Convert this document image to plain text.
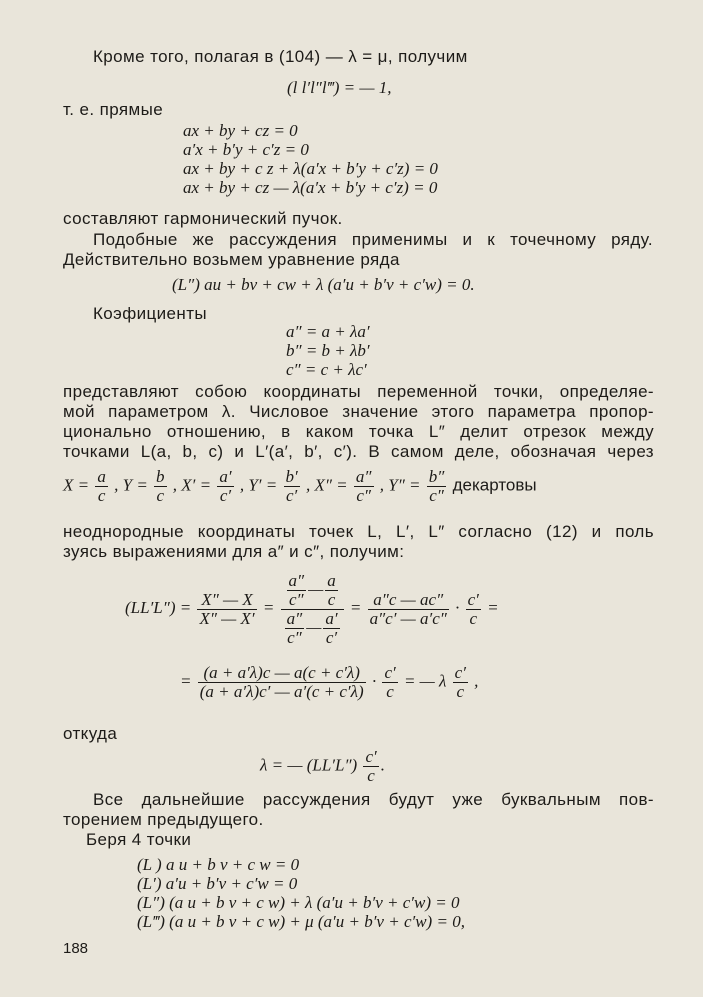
Кроме того, полагая в (104) — λ = μ, получим
(l l′l″l‴) = — 1,
т. е. прямые
ax + by + cz = 0
a′x + b′y + c′z = 0
ax + by + c z + λ(a′x + b′y + c′z) = 0
ax + by + cz — λ(a′x + b′y + c′z) = 0
составляют гармонический пучок.
Подобные же рассуждения применимы и к точечному ряду.
Действительно возьмем уравнение ряда
(L″) au + bv + cw + λ (a′u + b′v + c′w) = 0.
Коэфициенты
a″ = a + λa′
b″ = b + λb′
c″ = c + λc′
представляют собою координаты переменной точки, определяе-
мой параметром λ. Числовое значение этого параметра пропор-
ционально отношению, в каком точка L″ делит отрезок между
точками L(a, b, c) и L′(a′, b′, c′). В самом деле, обозначая через
$X = \frac{a}{c}$ , $Y = \frac{b}{c}$ , $X' = \frac{a'}{c'}$ , $Y' = \frac{b'}{c'}$ , $X'' = \frac{a''}{c''}$ , $Y'' = \frac{b''}{c''}$ декартовы
неоднородные координаты точек L, L′, L″ согласно (12) и поль
зуясь выражениями для a″ и c″, получим:
$(LL'L'') = \frac{X'' — X}{X'' — X'} = \frac{\frac{a''}{c''} — \frac{a}{c}}{\frac{a''}{c''} — \frac{a'}{c'}} = \frac{a''c — ac''}{a''c' — a'c''} \cdot \frac{c'}{c}$ =
= $\frac{(a + a'\lambda)c — a(c + c'\lambda)}{(a + a'\lambda)c' — a'(c + c'\lambda)} \cdot \frac{c'}{c}$ = — λ $\frac{c'}{c}$ ,
откуда
λ = — $(LL'L'') \frac{c'}{c}$ .
Все дальнейшие рассуждения будут уже буквальным пов-
торением предыдущего.
Беря 4 точки
(L ) a u + b v + c w = 0
(L′) a′u + b′v + c′w = 0
(L″) (a u + b v + c w) + λ (a′u + b′v + c′w) = 0
(L‴) (a u + b v + c w) + μ (a′u + b′v + c′w) = 0,
188
